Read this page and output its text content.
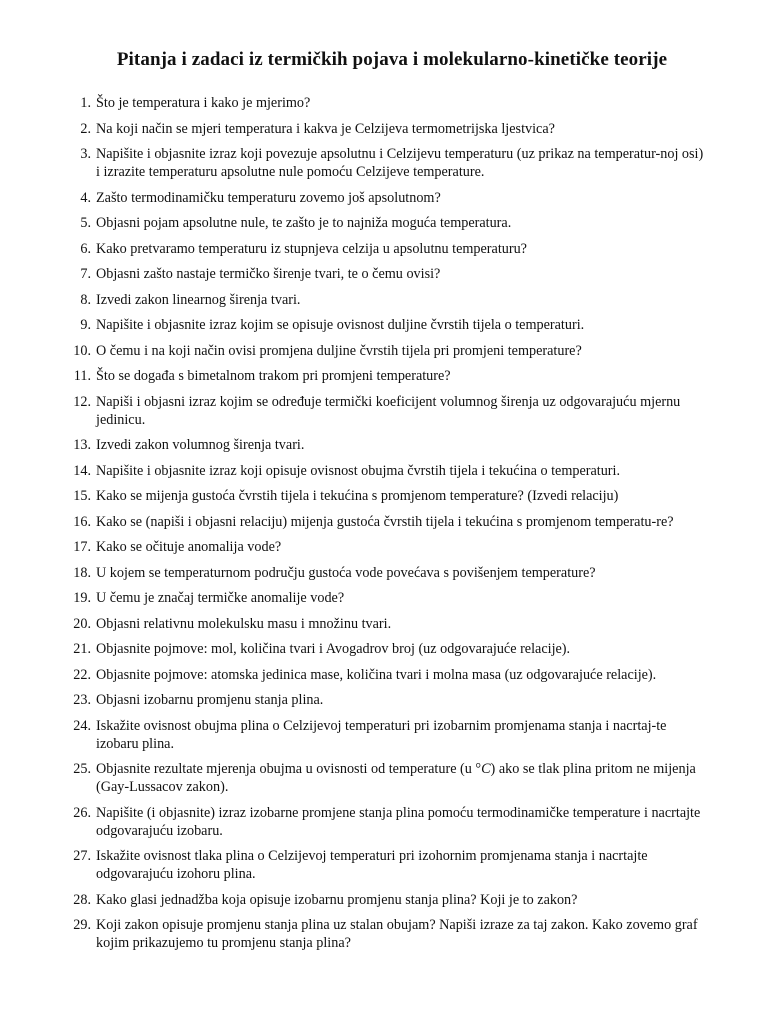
Pitanja i zadaci iz termičkih pojava i molekularno-kinetičke teorije
1. Što je temperatura i kako je mjerimo?
2. Na koji način se mjeri temperatura i kakva je Celzijeva termometrijska ljestvica?
3. Napišite i objasnite izraz koji povezuje apsolutnu i Celzijevu temperaturu (uz prikaz na temperatur-noj osi) i izrazite temperaturu apsolutne nule pomoću Celzijeve temperature.
4. Zašto termodinamičku temperaturu zovemo još apsolutnom?
5. Objasni pojam apsolutne nule, te zašto je to najniža moguća temperatura.
6. Kako pretvaramo temperaturu iz stupnjeva celzija u apsolutnu temperaturu?
7. Objasni zašto nastaje termičko širenje tvari, te o čemu ovisi?
8. Izvedi zakon linearnog širenja tvari.
9. Napišite i objasnite izraz kojim se opisuje ovisnost duljine čvrstih tijela o temperaturi.
10. O čemu i na koji način ovisi promjena duljine čvrstih tijela pri promjeni temperature?
11. Što se događa s bimetalnom trakom pri promjeni temperature?
12. Napiši i objasni izraz kojim se određuje termički koeficijent volumnog širenja uz odgovarajuću mjernu jedinicu.
13. Izvedi zakon volumnog širenja tvari.
14. Napišite i objasnite izraz koji opisuje ovisnost obujma čvrstih tijela i tekućina o temperaturi.
15. Kako se mijenja gustoća čvrstih tijela i tekućina s promjenom temperature? (Izvedi relaciju)
16. Kako se (napiši i objasni relaciju) mijenja gustoća čvrstih tijela i tekućina s promjenom temperatu-re?
17. Kako se očituje anomalija vode?
18. U kojem se temperaturnom području gustoća vode povećava s povišenjem temperature?
19. U čemu je značaj termičke anomalije vode?
20. Objasni relativnu molekulsku masu i množinu tvari.
21. Objasnite pojmove: mol, količina tvari i Avogadrov broj (uz odgovarajuće relacije).
22. Objasnite pojmove: atomska jedinica mase, količina tvari i molna masa (uz odgovarajuće relacije).
23. Objasni izobarnu promjenu stanja plina.
24. Iskažite ovisnost obujma plina o Celzijevoj temperaturi pri izobarnim promjenama stanja i nacrtaj-te izobaru plina.
25. Objasnite rezultate mjerenja obujma u ovisnosti od temperature (u °C) ako se tlak plina pritom ne mijenja (Gay-Lussacov zakon).
26. Napišite (i objasnite) izraz izobarne promjene stanja plina pomoću termodinamičke temperature i nacrtajte odgovarajuću izobaru.
27. Iskažite ovisnost tlaka plina o Celzijevoj temperaturi pri izohornim promjenama stanja i nacrtajte odgovarajuću izohoru plina.
28. Kako glasi jednadžba koja opisuje izobarnu promjenu stanja plina? Koji je to zakon?
29. Koji zakon opisuje promjenu stanja plina uz stalan obujam? Napiši izraze za taj zakon. Kako zovemo graf kojim prikazujemo tu promjenu stanja plina?
